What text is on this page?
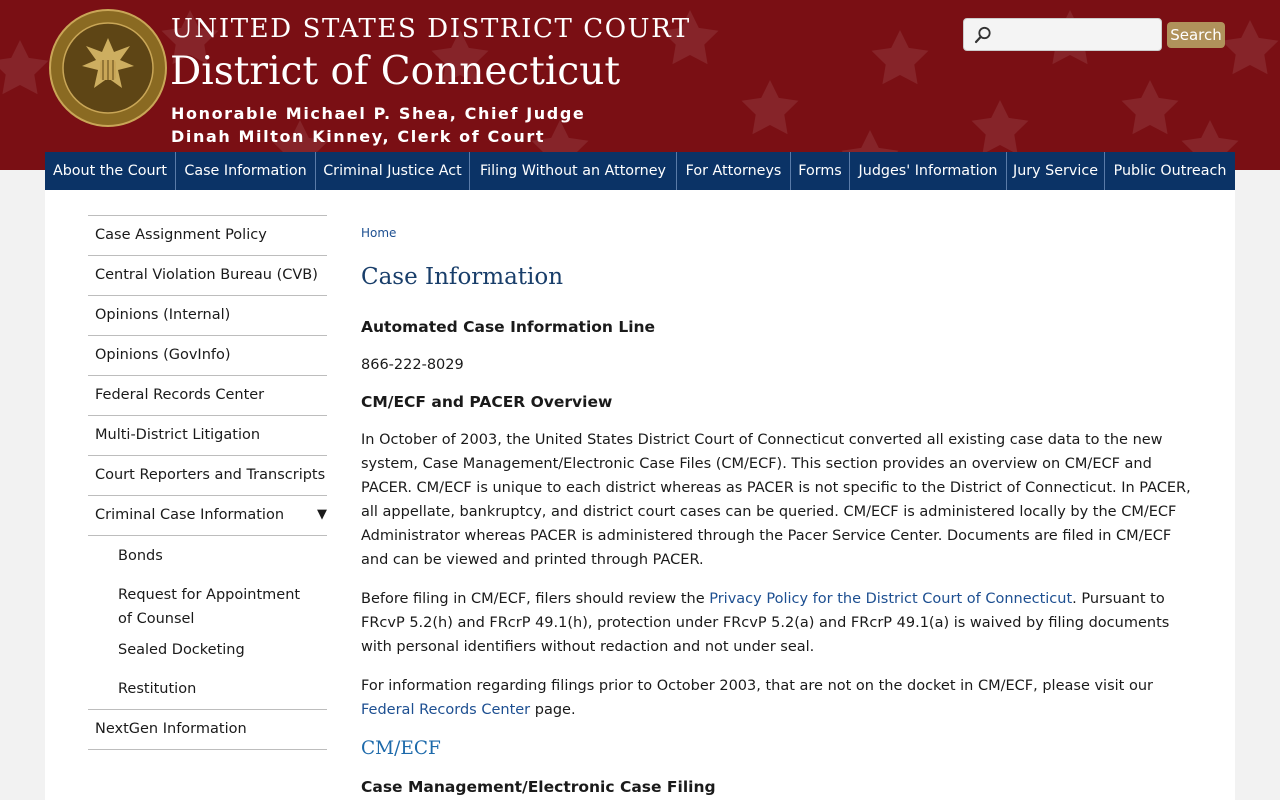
UNITED STATES DISTRICT COURT
District of Connecticut
Honorable Michael P. Shea, Chief Judge
Dinah Milton Kinney, Clerk of Court
Search
About the Court	Case Information	Criminal Justice Act	Filing Without an Attorney	For Attorneys	Forms	Judges' Information	Jury Service	Public Outreach
Case Assignment Policy
Central Violation Bureau (CVB)
Opinions (Internal)
Opinions (GovInfo)
Federal Records Center
Multi-District Litigation
Court Reporters and Transcripts
Criminal Case Information	▼
Bonds
Request for Appointment of Counsel
Sealed Docketing
Restitution
NextGen Information
Home
Case Information
Automated Case Information Line
866-222-8029
CM/ECF and PACER Overview
In October of 2003, the United States District Court of Connecticut converted all existing case data to the new system, Case Management/Electronic Case Files (CM/ECF). This section provides an overview on CM/ECF and PACER. CM/ECF is unique to each district whereas as PACER is not specific to the District of Connecticut. In PACER, all appellate, bankruptcy, and district court cases can be queried. CM/ECF is administered locally by the CM/ECF Administrator whereas PACER is administered through the Pacer Service Center. Documents are filed in CM/ECF and can be viewed and printed through PACER.
Before filing in CM/ECF, filers should review the Privacy Policy for the District Court of Connecticut. Pursuant to FRcvP 5.2(h) and FRcrP 49.1(h), protection under FRcvP 5.2(a) and FRcrP 49.1(a) is waived by filing documents with personal identifiers without redaction and not under seal.
For information regarding filings prior to October 2003, that are not on the docket in CM/ECF, please visit our Federal Records Center page.
CM/ECF
Case Management/Electronic Case Filing
